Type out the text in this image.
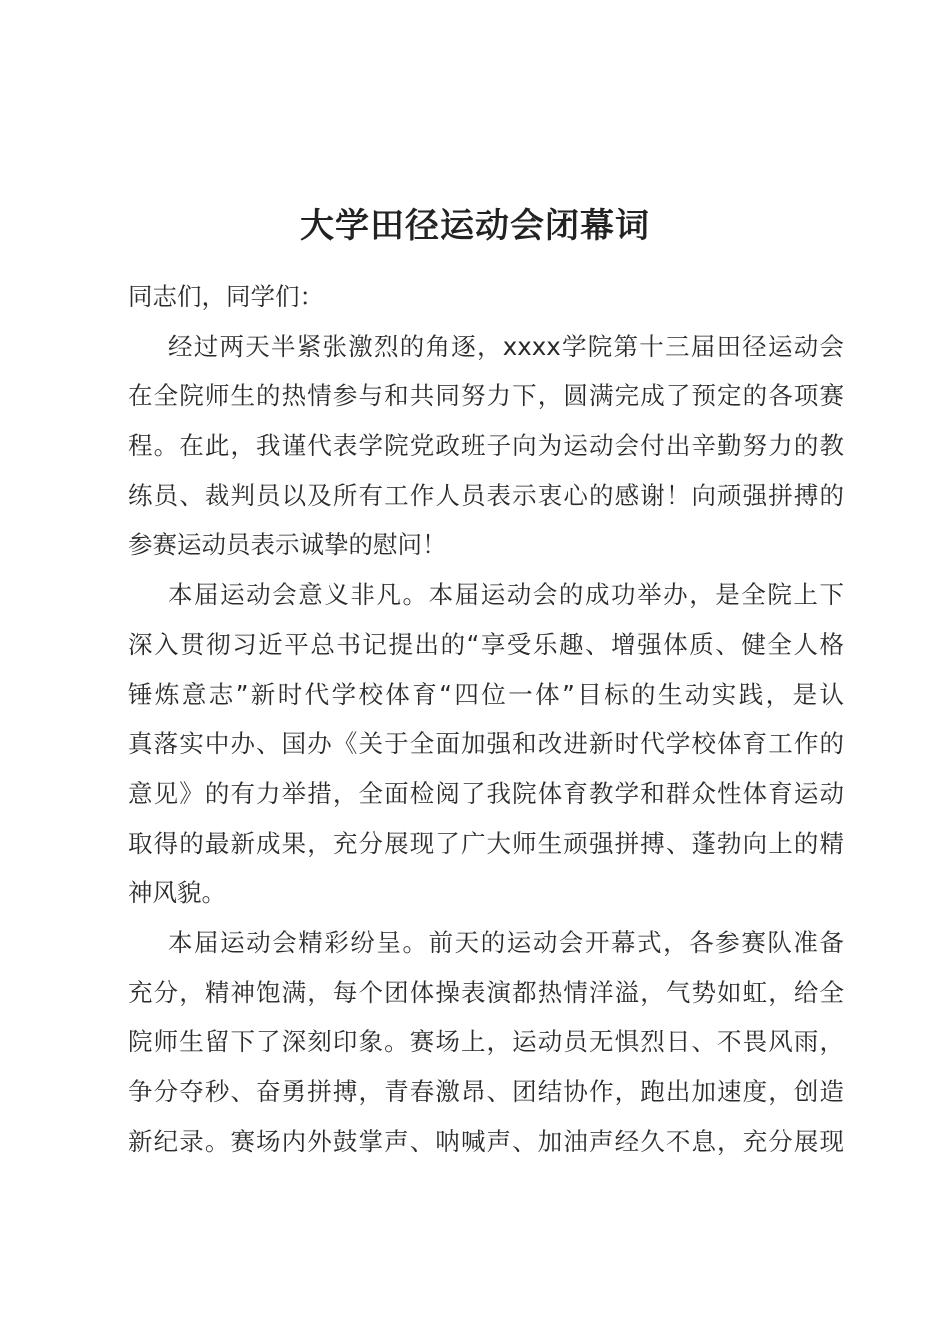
大学田径运动会闭幕词
同志们，同学们：
经过两天半紧张激烈的角逐，xxxx学院第十三届田径运动会
在全院师生的热情参与和共同努力下，圆满完成了预定的各项赛
程。在此，我谨代表学院党政班子向为运动会付出辛勤努力的教
练员、裁判员以及所有工作人员表示衷心的感谢！向顽强拼搏的
参赛运动员表示诚挚的慰问！
本届运动会意义非凡。本届运动会的成功举办，是全院上下
深入贯彻习近平总书记提出的“享受乐趣、增强体质、健全人格
锤炼意志”新时代学校体育“四位一体”目标的生动实践，是认
真落实中办、国办《关于全面加强和改进新时代学校体育工作的
意见》的有力举措，全面检阅了我院体育教学和群众性体育运动
取得的最新成果，充分展现了广大师生顽强拼搏、蓬勃向上的精
神风貌。
本届运动会精彩纷呈。前天的运动会开幕式，各参赛队准备
充分，精神饱满，每个团体操表演都热情洋溢，气势如虹，给全
院师生留下了深刻印象。赛场上，运动员无惧烈日、不畏风雨，
争分夺秒、奋勇拼搏，青春激昂、团结协作，跑出加速度，创造
新纪录。赛场内外鼓掌声、呐喊声、加油声经久不息，充分展现
